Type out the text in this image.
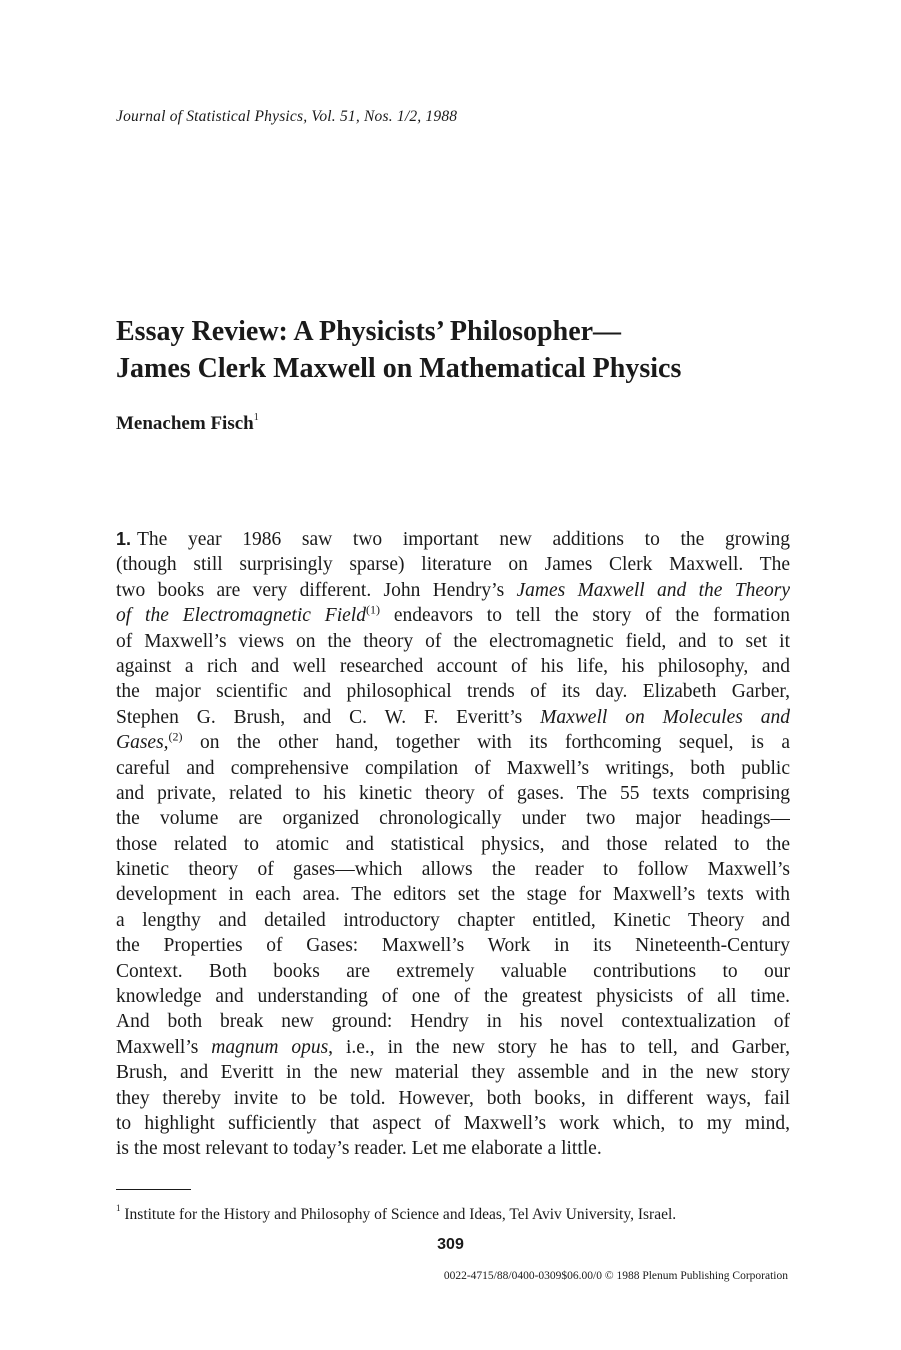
Journal of Statistical Physics, Vol. 51, Nos. 1/2, 1988
Essay Review: A Physicists’ Philosopher—
James Clerk Maxwell on Mathematical Physics
Menachem Fisch$^1$
1. The year 1986 saw two important new additions to the growing
(though still surprisingly sparse) literature on James Clerk Maxwell. The
two books are very different. John Hendry’s James Maxwell and the Theory
of the Electromagnetic Field$^{(1)}$ endeavors to tell the story of the formation
of Maxwell’s views on the theory of the electromagnetic field, and to set it
against a rich and well researched account of his life, his philosophy, and
the major scientific and philosophical trends of its day. Elizabeth Garber,
Stephen G. Brush, and C. W. F. Everitt’s Maxwell on Molecules and
Gases,$^{(2)}$ on the other hand, together with its forthcoming sequel, is a
careful and comprehensive compilation of Maxwell’s writings, both public
and private, related to his kinetic theory of gases. The 55 texts comprising
the volume are organized chronologically under two major headings—
those related to atomic and statistical physics, and those related to the
kinetic theory of gases—which allows the reader to follow Maxwell’s
development in each area. The editors set the stage for Maxwell’s texts with
a lengthy and detailed introductory chapter entitled, Kinetic Theory and
the Properties of Gases: Maxwell’s Work in its Nineteenth-Century
Context. Both books are extremely valuable contributions to our
knowledge and understanding of one of the greatest physicists of all time.
And both break new ground: Hendry in his novel contextualization of
Maxwell’s magnum opus, i.e., in the new story he has to tell, and Garber,
Brush, and Everitt in the new material they assemble and in the new story
they thereby invite to be told. However, both books, in different ways, fail
to highlight sufficiently that aspect of Maxwell’s work which, to my mind,
is the most relevant to today’s reader. Let me elaborate a little.
$^1$ Institute for the History and Philosophy of Science and Ideas, Tel Aviv University, Israel.
309
0022-4715/88/0400-0309$06.00/0 © 1988 Plenum Publishing Corporation
